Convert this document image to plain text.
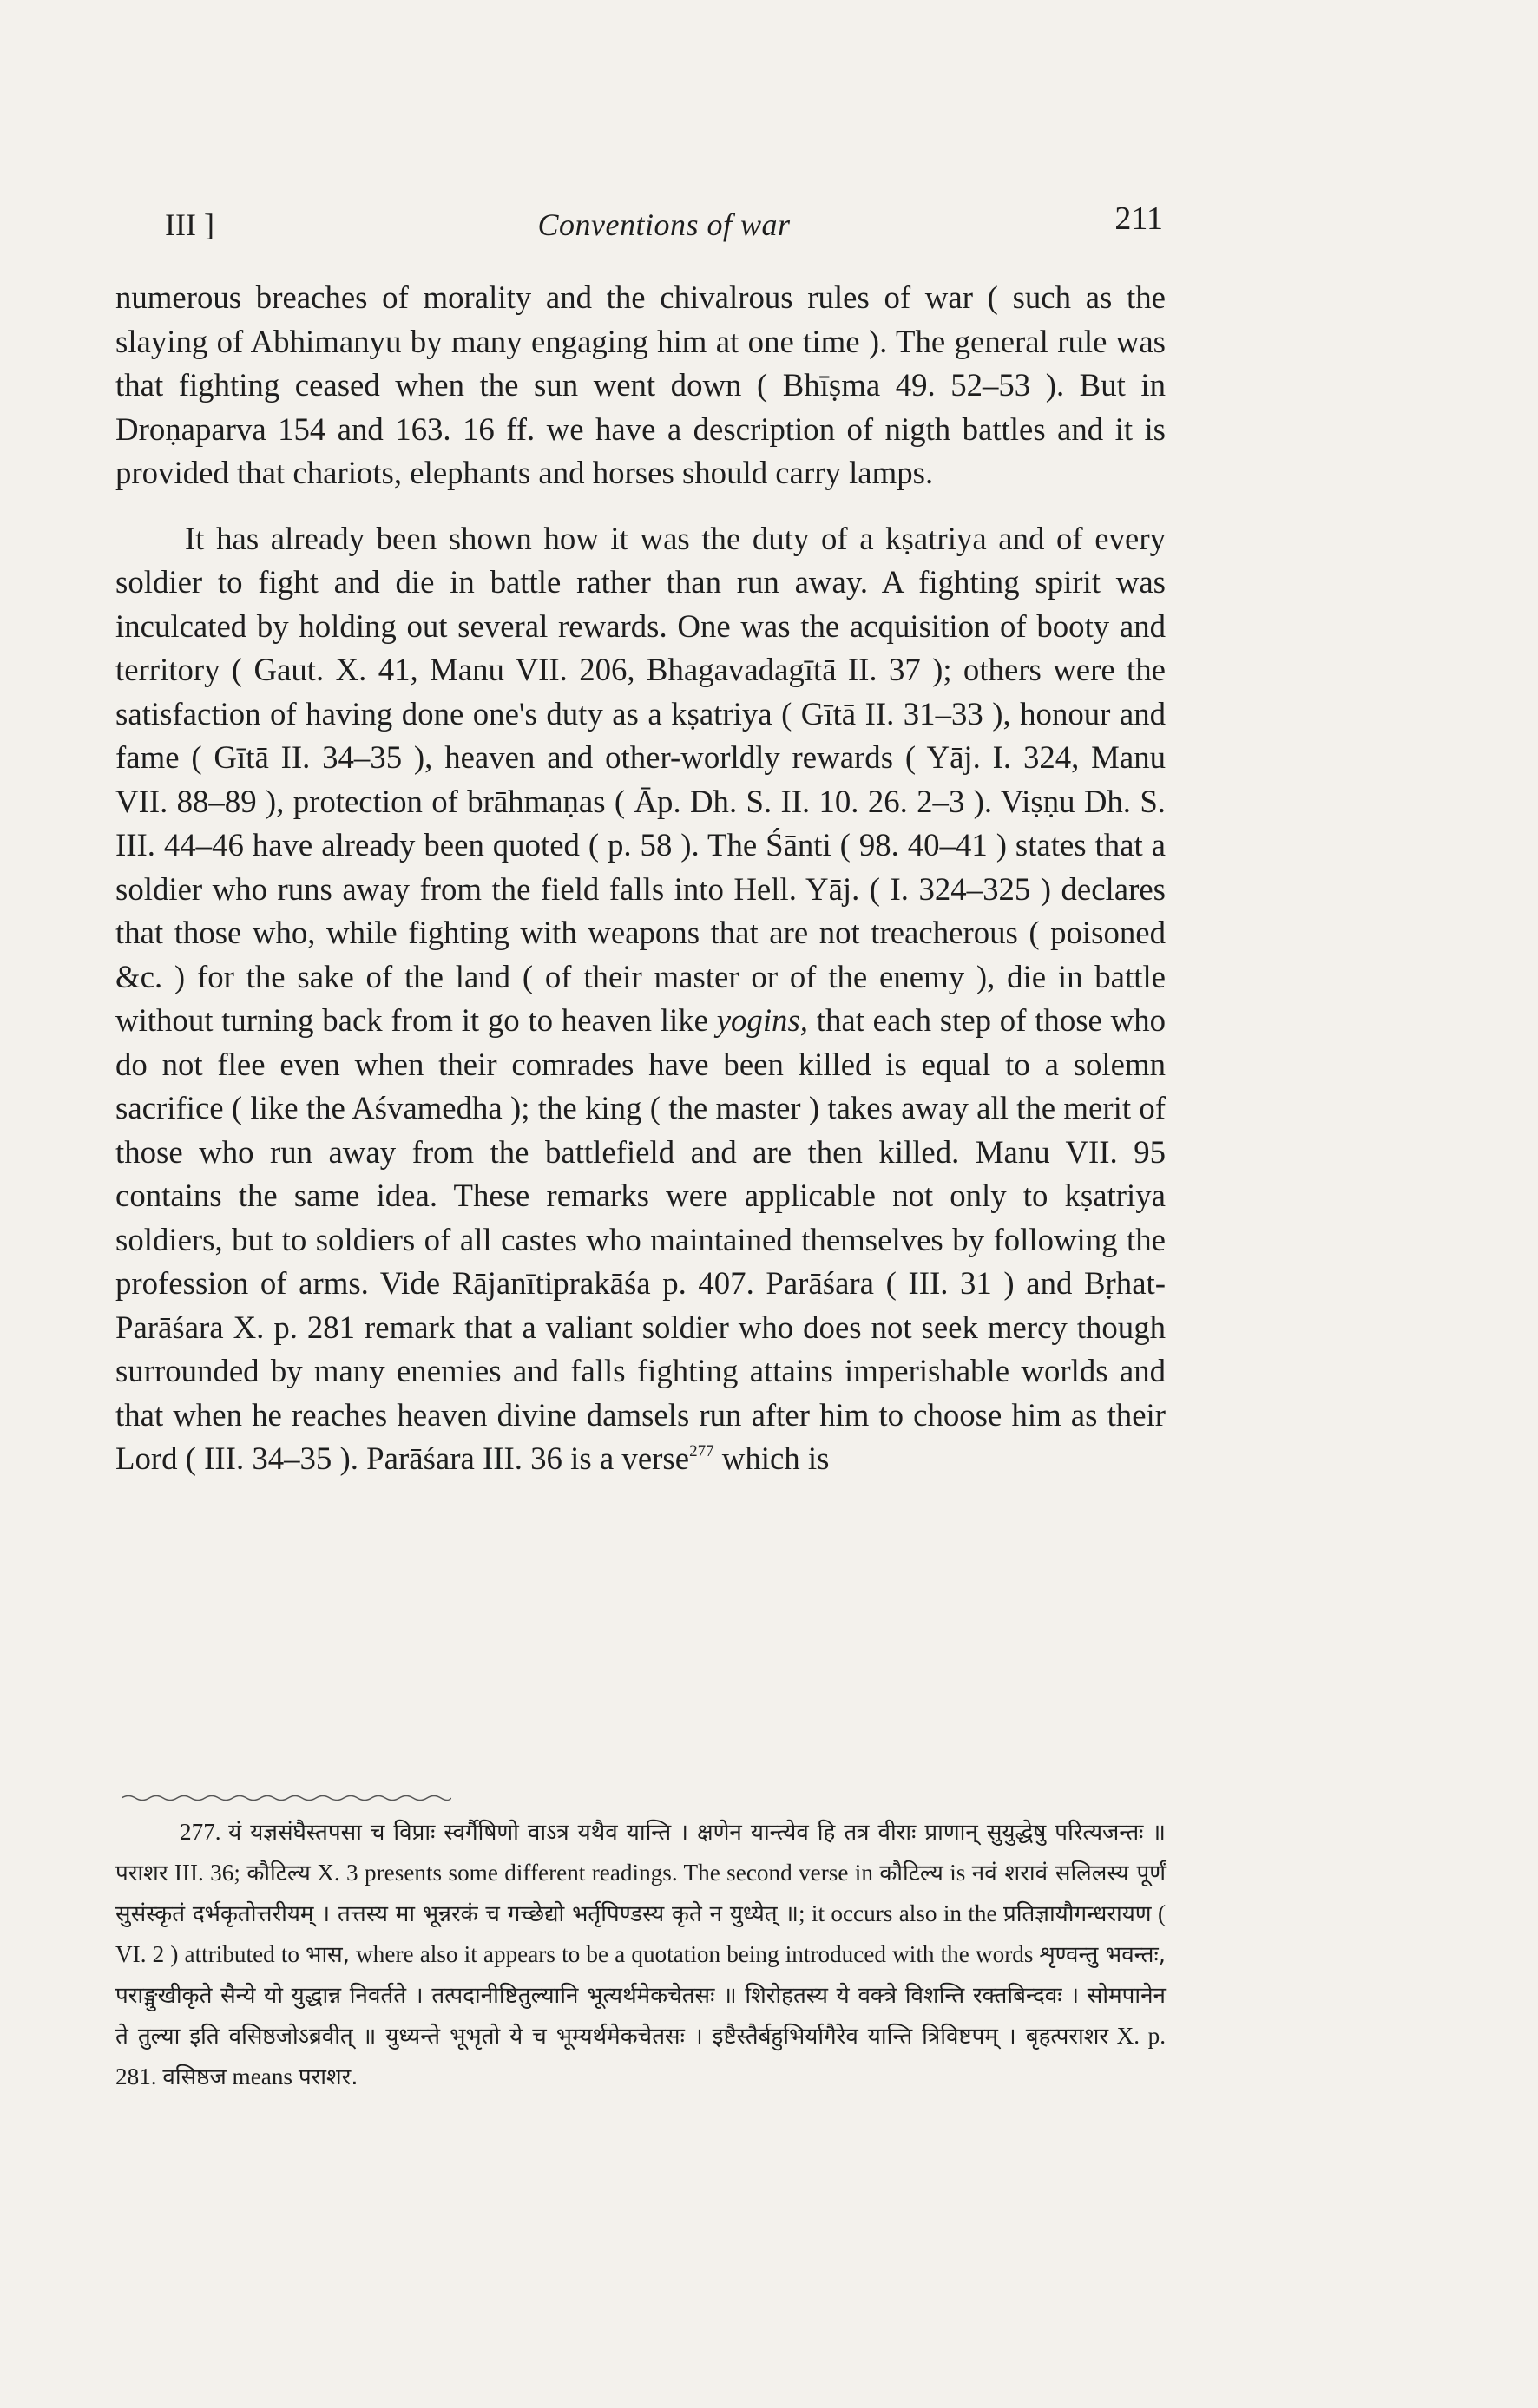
III ]	Conventions of war	211

numerous breaches of morality and the chivalrous rules of war ( such as the slaying of Abhimanyu by many engaging him at one time ). The general rule was that fighting ceased when the sun went down ( Bhīṣma 49. 52–53 ). But in Droṇaparva 154 and 163. 16 ff. we have a description of nigth battles and it is provided that chariots, elephants and horses should carry lamps.

It has already been shown how it was the duty of a kṣatriya and of every soldier to fight and die in battle rather than run away. A fighting spirit was inculcated by holding out several rewards. One was the acquisition of booty and territory ( Gaut. X. 41, Manu VII. 206, Bhagavadagītā II. 37 ); others were the satisfaction of having done one's duty as a kṣatriya ( Gītā II. 31–33 ), honour and fame ( Gītā II. 34–35 ), heaven and other-worldly rewards ( Yāj. I. 324, Manu VII. 88–89 ), protection of brāhmaṇas ( Āp. Dh. S. II. 10. 26. 2–3 ). Viṣṇu Dh. S. III. 44–46 have already been quoted ( p. 58 ). The Śānti ( 98. 40–41 ) states that a soldier who runs away from the field falls into Hell. Yāj. ( I. 324–325 ) declares that those who, while fighting with weapons that are not treacherous ( poisoned &c. ) for the sake of the land ( of their master or of the enemy ), die in battle without turning back from it go to heaven like yogins, that each step of those who do not flee even when their comrades have been killed is equal to a solemn sacrifice ( like the Aśvamedha ); the king ( the master ) takes away all the merit of those who run away from the battlefield and are then killed. Manu VII. 95 contains the same idea. These remarks were applicable not only to kṣatriya soldiers, but to soldiers of all castes who maintained themselves by following the profession of arms. Vide Rājanītiprakāśa p. 407. Parāśara ( III. 31 ) and Bṛhat-Parāśara X. p. 281 remark that a valiant soldier who does not seek mercy though surrounded by many enemies and falls fighting attains imperishable worlds and that when he reaches heaven divine damsels run after him to choose him as their Lord ( III. 34–35 ). Parāśara III. 36 is a verse$^{277}$ which is

277. यं यज्ञसंघैस्तपसा च विप्राः स्वर्गैषिणो वाऽत्र यथैव यान्ति । क्षणेन यान्त्येव हि तत्र वीराः प्राणान् सुयुद्धेषु परित्यजन्तः ॥ पराशर III. 36; कौटिल्य X. 3 presents some different readings. The second verse in कौटिल्य is नवं शरावं सलिलस्य पूर्णं सुसंस्कृतं दर्भकृतोत्तरीयम् । तत्तस्य मा भून्नरकं च गच्छेद्यो भर्तृपिण्डस्य कृते न युध्येत् ॥; it occurs also in the प्रतिज्ञायौगन्धरायण ( VI. 2 ) attributed to भास, where also it appears to be a quotation being introduced with the words शृण्वन्तु भवन्तः, पराङ्मुखीकृते सैन्ये यो युद्धान्न निवर्तते । तत्पदानीष्टितुल्यानि भूत्यर्थमेकचेतसः ॥ शिरोहतस्य ये वक्त्रे विशन्ति रक्तबिन्दवः । सोमपानेन ते तुल्या इति वसिष्ठजोऽब्रवीत् ॥ युध्यन्ते भूभृतो ये च भूम्यर्थमेकचेतसः । इष्टैस्तैर्बहुभिर्यागैरेव यान्ति त्रिविष्टपम् । बृहत्पराशर X. p. 281. वसिष्ठज means पराशर.
